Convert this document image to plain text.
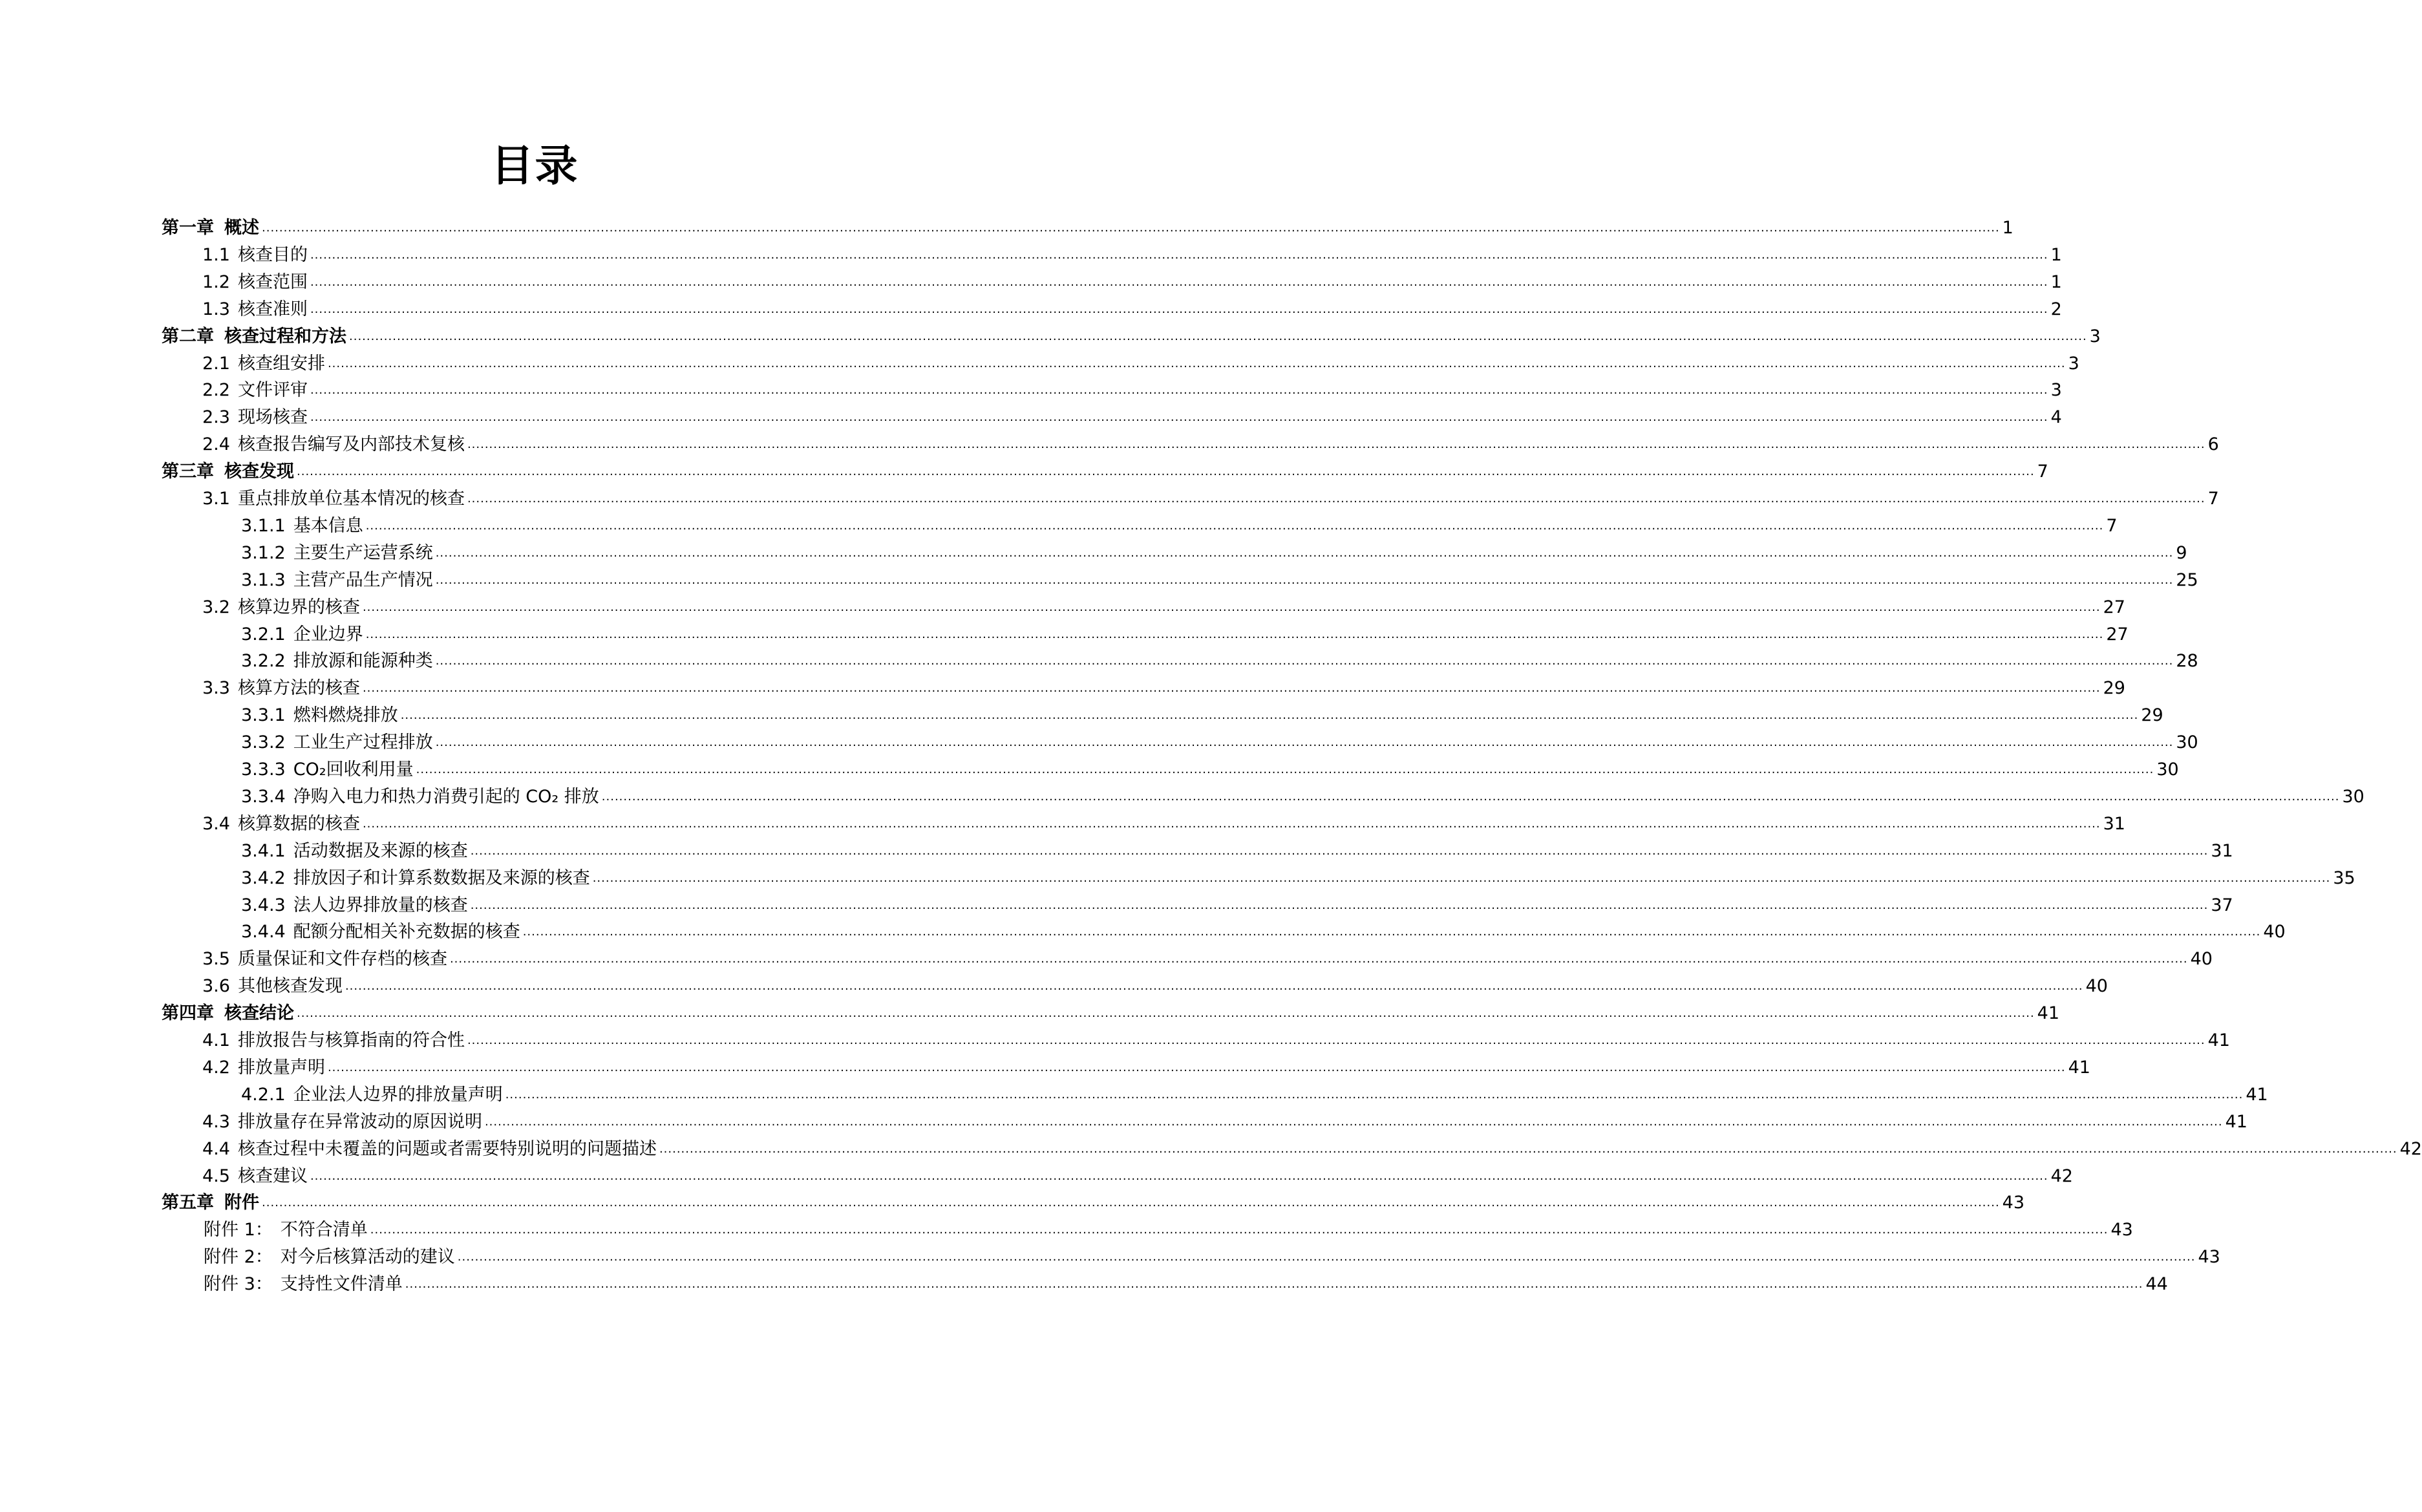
目录
第一章 概述 ................................................................................................................................................................................................................................................................................................................................................................................................................ 1
1.1 核查目的 ................................................................................................................................................................................................................................................................................................................................................................................................................ 1
1.2 核查范围 ................................................................................................................................................................................................................................................................................................................................................................................................................ 1
1.3 核查准则 ................................................................................................................................................................................................................................................................................................................................................................................................................ 2
第二章 核查过程和方法 ................................................................................................................................................................................................................................................................................................................................................................................................................ 3
2.1 核查组安排 ................................................................................................................................................................................................................................................................................................................................................................................................................ 3
2.2 文件评审 ................................................................................................................................................................................................................................................................................................................................................................................................................ 3
2.3 现场核查 ................................................................................................................................................................................................................................................................................................................................................................................................................ 4
2.4 核查报告编写及内部技术复核 ................................................................................................................................................................................................................................................................................................................................................................................................................ 6
第三章 核查发现 ................................................................................................................................................................................................................................................................................................................................................................................................................ 7
3.1 重点排放单位基本情况的核查 ................................................................................................................................................................................................................................................................................................................................................................................................................ 7
3.1.1 基本信息 ................................................................................................................................................................................................................................................................................................................................................................................................................ 7
3.1.2 主要生产运营系统 ................................................................................................................................................................................................................................................................................................................................................................................................................ 9
3.1.3 主营产品生产情况 ................................................................................................................................................................................................................................................................................................................................................................................................................ 25
3.2 核算边界的核查 ................................................................................................................................................................................................................................................................................................................................................................................................................ 27
3.2.1 企业边界 ................................................................................................................................................................................................................................................................................................................................................................................................................ 27
3.2.2 排放源和能源种类 ................................................................................................................................................................................................................................................................................................................................................................................................................ 28
3.3 核算方法的核查 ................................................................................................................................................................................................................................................................................................................................................................................................................ 29
3.3.1 燃料燃烧排放 ................................................................................................................................................................................................................................................................................................................................................................................................................ 29
3.3.2 工业生产过程排放 ................................................................................................................................................................................................................................................................................................................................................................................................................ 30
3.3.3 CO₂回收利用量 ................................................................................................................................................................................................................................................................................................................................................................................................................ 30
3.3.4 净购入电力和热力消费引起的 CO₂ 排放 ................................................................................................................................................................................................................................................................................................................................................................................................................ 30
3.4 核算数据的核查 ................................................................................................................................................................................................................................................................................................................................................................................................................ 31
3.4.1 活动数据及来源的核查 ................................................................................................................................................................................................................................................................................................................................................................................................................ 31
3.4.2 排放因子和计算系数数据及来源的核查 ................................................................................................................................................................................................................................................................................................................................................................................................................ 35
3.4.3 法人边界排放量的核查 ................................................................................................................................................................................................................................................................................................................................................................................................................ 37
3.4.4 配额分配相关补充数据的核查 ................................................................................................................................................................................................................................................................................................................................................................................................................ 40
3.5 质量保证和文件存档的核查 ................................................................................................................................................................................................................................................................................................................................................................................................................ 40
3.6 其他核查发现 ................................................................................................................................................................................................................................................................................................................................................................................................................ 40
第四章 核查结论 ................................................................................................................................................................................................................................................................................................................................................................................................................ 41
4.1 排放报告与核算指南的符合性 ................................................................................................................................................................................................................................................................................................................................................................................................................ 41
4.2 排放量声明 ................................................................................................................................................................................................................................................................................................................................................................................................................ 41
4.2.1 企业法人边界的排放量声明 ................................................................................................................................................................................................................................................................................................................................................................................................................ 41
4.3 排放量存在异常波动的原因说明 ................................................................................................................................................................................................................................................................................................................................................................................................................ 41
4.4 核查过程中未覆盖的问题或者需要特别说明的问题描述 ................................................................................................................................................................................................................................................................................................................................................................................................................ 42
4.5 核查建议 ................................................................................................................................................................................................................................................................................................................................................................................................................ 42
第五章 附件 ................................................................................................................................................................................................................................................................................................................................................................................................................ 43
附件 1： 不符合清单 ................................................................................................................................................................................................................................................................................................................................................................................................................ 43
附件 2： 对今后核算活动的建议 ................................................................................................................................................................................................................................................................................................................................................................................................................ 43
附件 3： 支持性文件清单 ................................................................................................................................................................................................................................................................................................................................................................................................................ 44
